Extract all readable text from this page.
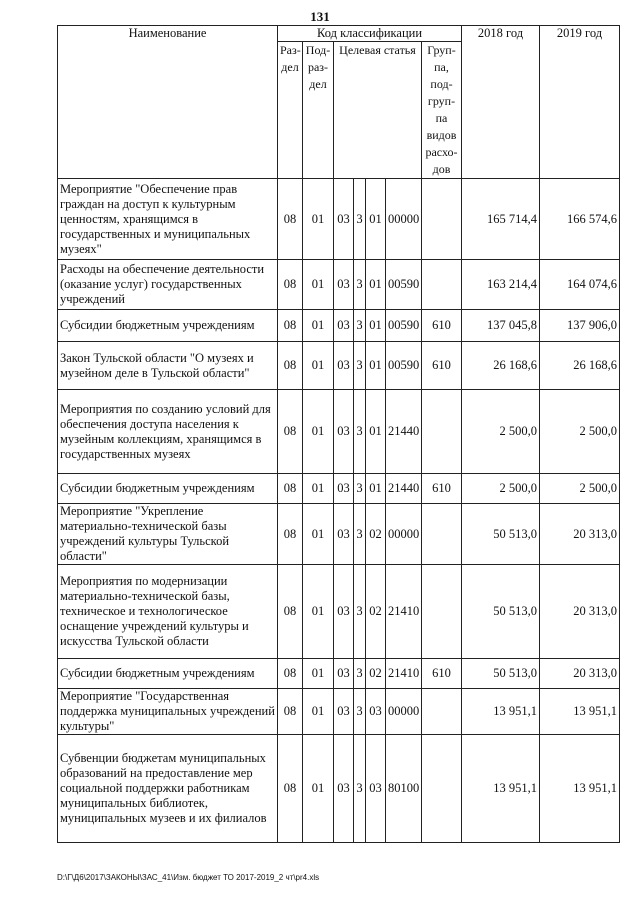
131
Наименование	Код классификации							2018 год	2019 год
	Раз-дел	Под-раз-дел	Целевая статья				Груп-па, под-груп-па видов расхо-дов		
Мероприятие "Обеспечение прав граждан на доступ к культурным ценностям, хранящимся в государственных и муниципальных музеях"	08	01	03	3	01	00000		165 714,4	166 574,6
Расходы на обеспечение деятельности (оказание услуг) государственных учреждений	08	01	03	3	01	00590		163 214,4	164 074,6
Субсидии бюджетным учреждениям	08	01	03	3	01	00590	610	137 045,8	137 906,0
Закон Тульской области "О музеях и музейном деле в Тульской области"	08	01	03	3	01	00590	610	26 168,6	26 168,6
Мероприятия по созданию условий для обеспечения доступа населения к музейным коллекциям, хранящимся в государственных музеях	08	01	03	3	01	21440		2 500,0	2 500,0
Субсидии бюджетным учреждениям	08	01	03	3	01	21440	610	2 500,0	2 500,0
Мероприятие "Укрепление материально-технической базы учреждений культуры Тульской области"	08	01	03	3	02	00000		50 513,0	20 313,0
Мероприятия по модернизации материально-технической базы, техническое и технологическое оснащение учреждений культуры и искусства Тульской области	08	01	03	3	02	21410		50 513,0	20 313,0
Субсидии бюджетным учреждениям	08	01	03	3	02	21410	610	50 513,0	20 313,0
Мероприятие "Государственная поддержка муниципальных учреждений культуры"	08	01	03	3	03	00000		13 951,1	13 951,1
Субвенции бюджетам муниципальных образований на предоставление мер социальной поддержки работникам муниципальных библиотек, муниципальных музеев и их филиалов	08	01	03	3	03	80100		13 951,1	13 951,1
D:\Г\Д6\2017\ЗАКОНЫ\ЗАС_41\Изм. бюджет ТО 2017-2019_2 чт\pr4.xls
